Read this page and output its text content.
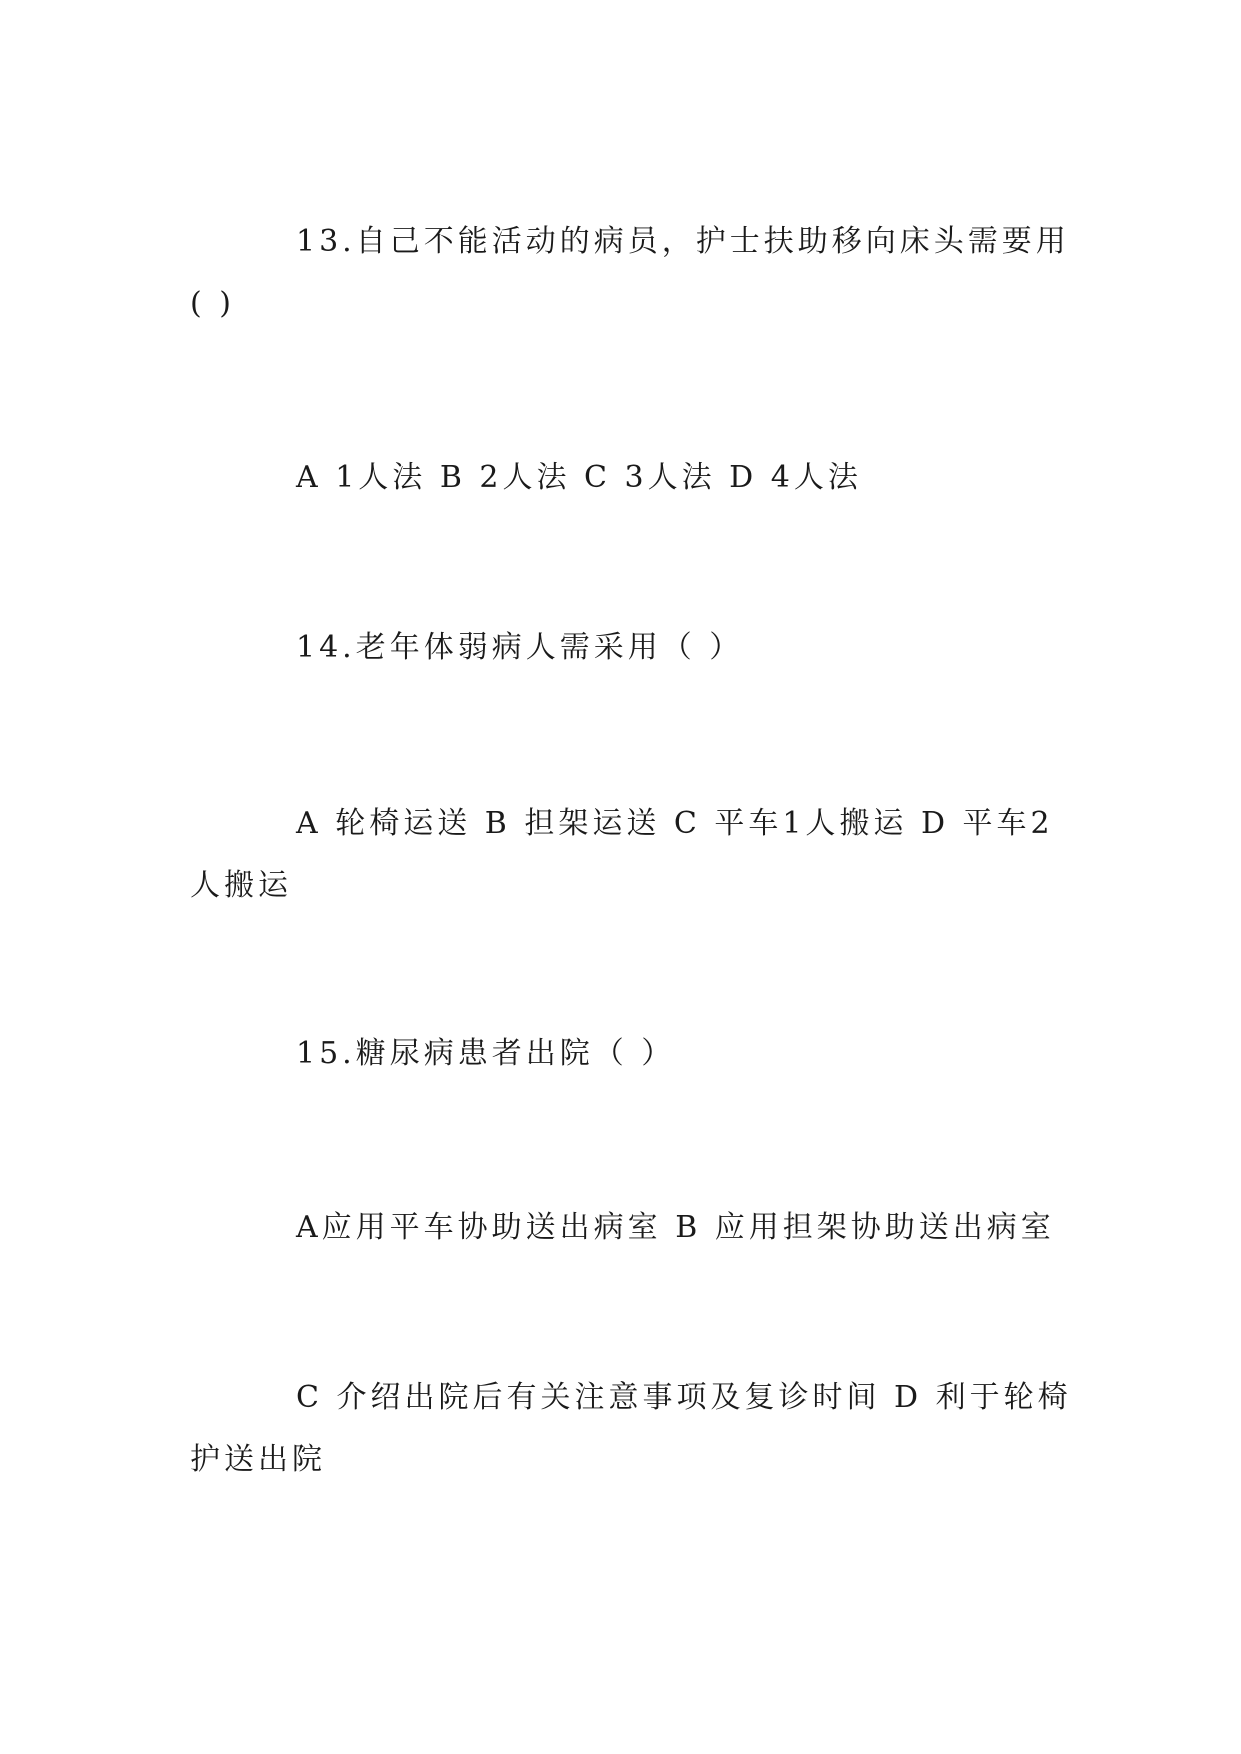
13.自己不能活动的病员，护士扶助移向床头需要用
( )
A 1人法 B 2人法 C 3人法 D 4人法
14.老年体弱病人需采用（ ）
A 轮椅运送 B 担架运送 C 平车1人搬运 D 平车2
人搬运
15.糖尿病患者出院（ ）
A应用平车协助送出病室 B 应用担架协助送出病室
C 介绍出院后有关注意事项及复诊时间 D 利于轮椅
护送出院
